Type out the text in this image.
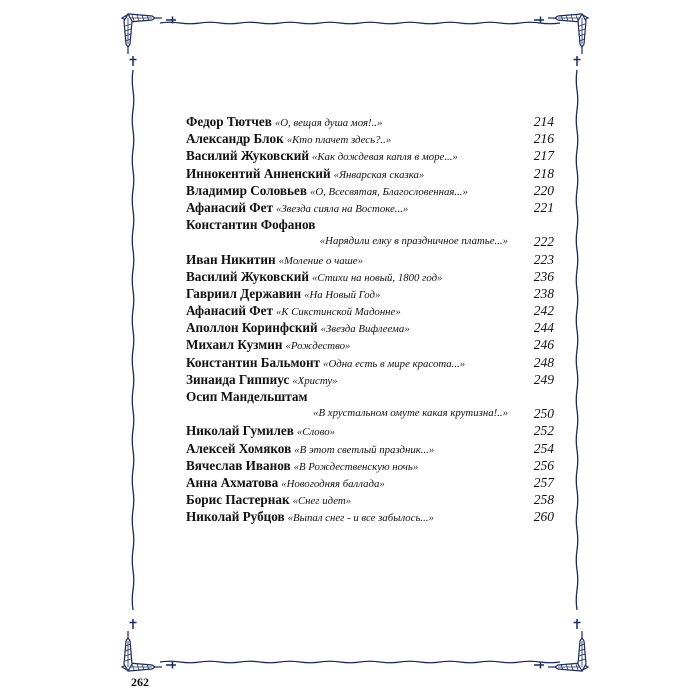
Федор Тютчев «О, вещая душа моя!..»	214
Александр Блок «Кто плачет здесь?..»	216
Василий Жуковский «Как дождевая капля в море...»	217
Иннокентий Анненский «Январская сказка»	218
Владимир Соловьев «О, Всесвятая, Благословенная...»	220
Афанасий Фет «Звезда сияла на Востоке...»	221
Константин Фофанов
«Нарядили елку в праздничное платье...» 222
Иван Никитин «Моление о чаше»	223
Василий Жуковский «Стихи на новый, 1800 год»	236
Гавриил Державин «На Новый Год»	238
Афанасий Фет «К Сикстинской Мадонне»	242
Аполлон Коринфский «Звезда Вифлеема»	244
Михаил Кузмин «Рождество»	246
Константин Бальмонт «Одна есть в мире красота...»	248
Зинаида Гиппиус «Христу»	249
Осип Мандельштам
«В хрустальном омуте какая крутизна!..» 250
Николай Гумилев «Слово»	252
Алексей Хомяков «В этот светлый праздник...»	254
Вячеслав Иванов «В Рождественскую ночь»	256
Анна Ахматова «Новогодняя баллада»	257
Борис Пастернак «Снег идет»	258
Николай Рубцов «Выпал снег - и все забылось...»	260
262
